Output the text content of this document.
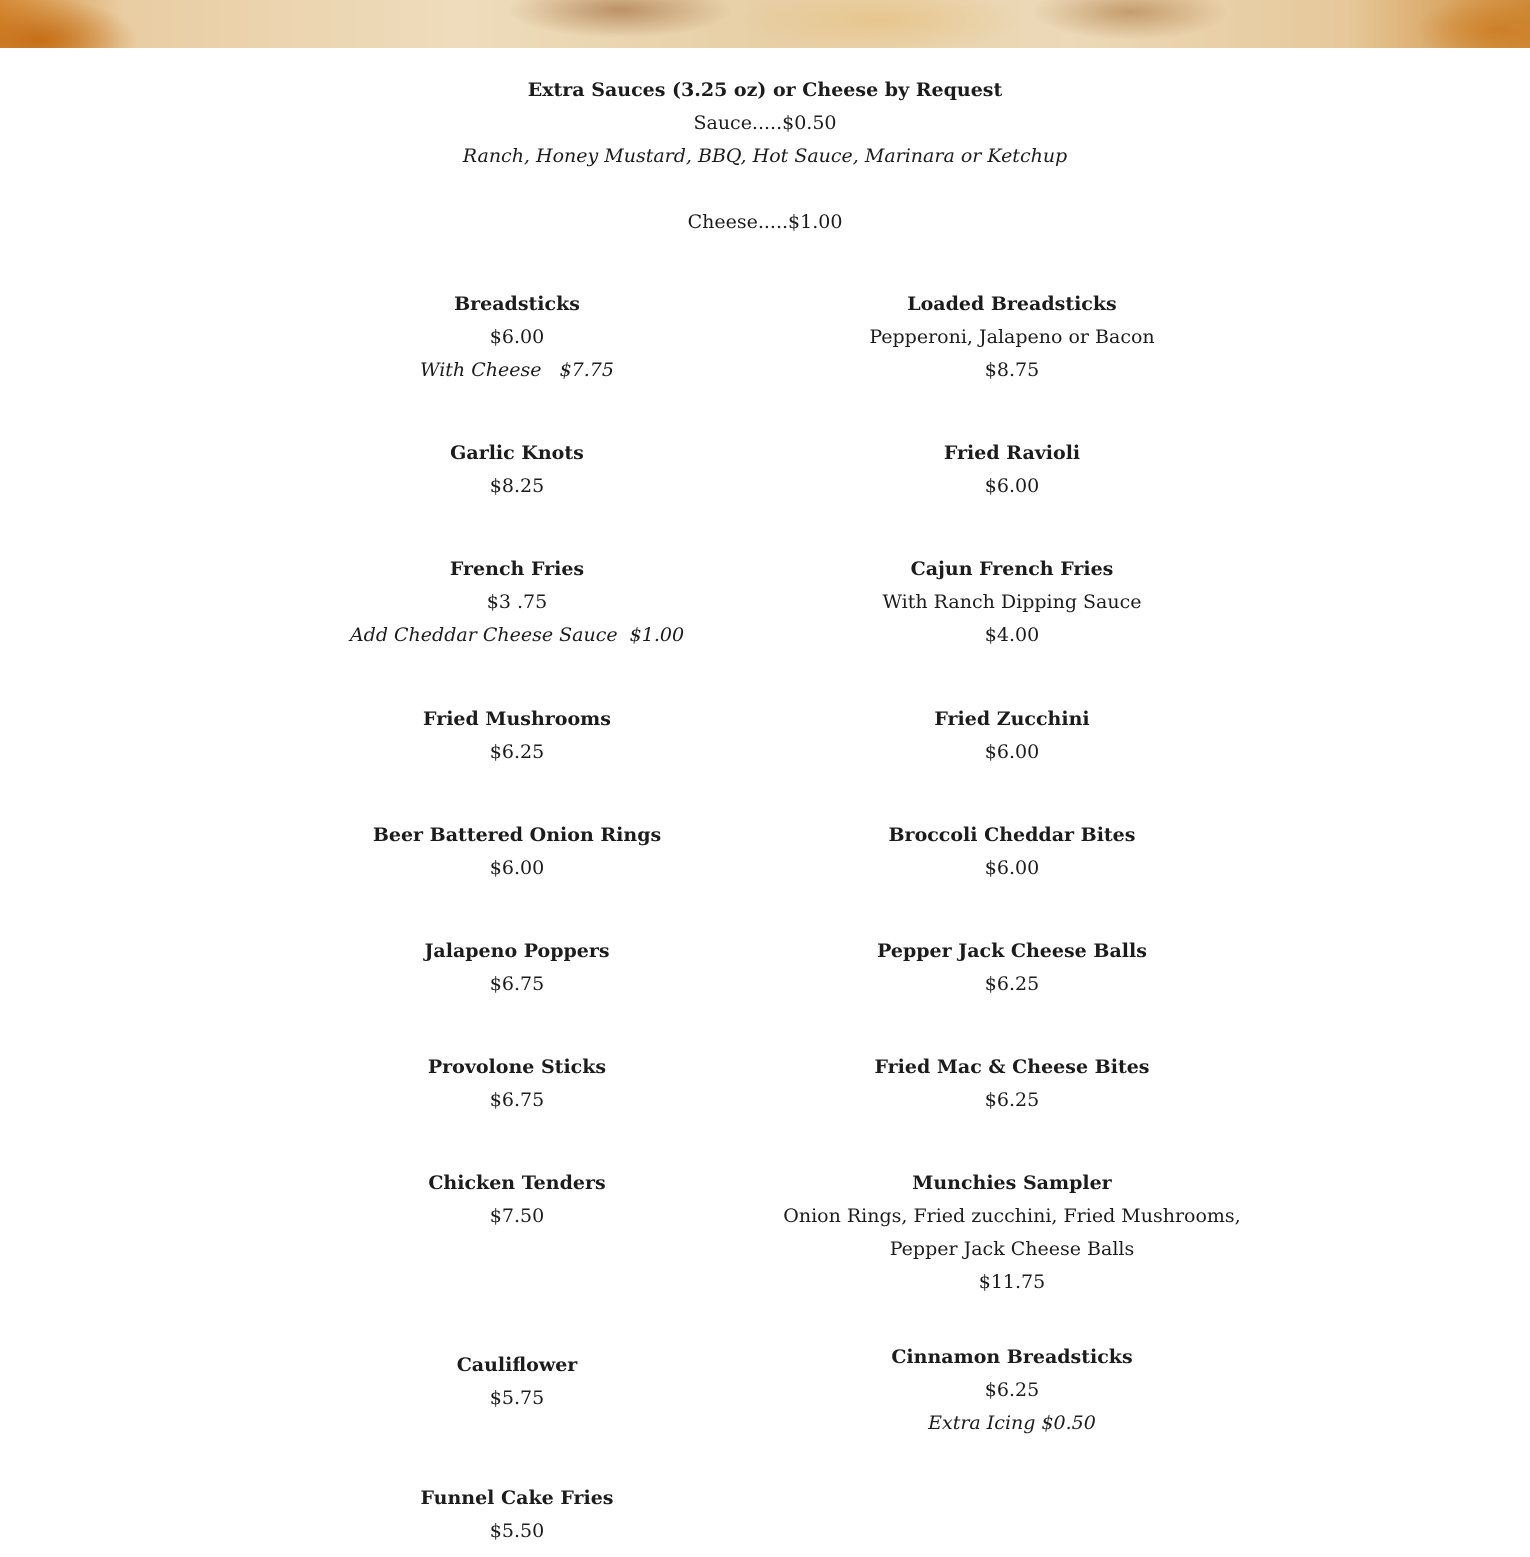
Extra Sauces (3.25 oz) or Cheese by Request
Sauce.....$0.50
Ranch, Honey Mustard, BBQ, Hot Sauce, Marinara or Ketchup
Cheese.....$1.00
Breadsticks
$6.00
With Cheese   $7.75
Loaded Breadsticks
Pepperoni, Jalapeno or Bacon
$8.75
Garlic Knots
$8.25
Fried Ravioli
$6.00
French Fries
$3 .75
Add Cheddar Cheese Sauce  $1.00
Cajun French Fries
With Ranch Dipping Sauce
$4.00
Fried Mushrooms
$6.25
Fried Zucchini
$6.00
Beer Battered Onion Rings
$6.00
Broccoli Cheddar Bites
$6.00
Jalapeno Poppers
$6.75
Pepper Jack Cheese Balls
$6.25
Provolone Sticks
$6.75
Fried Mac & Cheese Bites
$6.25
Chicken Tenders
$7.50
Munchies Sampler
Onion Rings, Fried zucchini, Fried Mushrooms,
Pepper Jack Cheese Balls
$11.75
Cauliflower
$5.75
Cinnamon Breadsticks
$6.25
Extra Icing $0.50
Funnel Cake Fries
$5.50
